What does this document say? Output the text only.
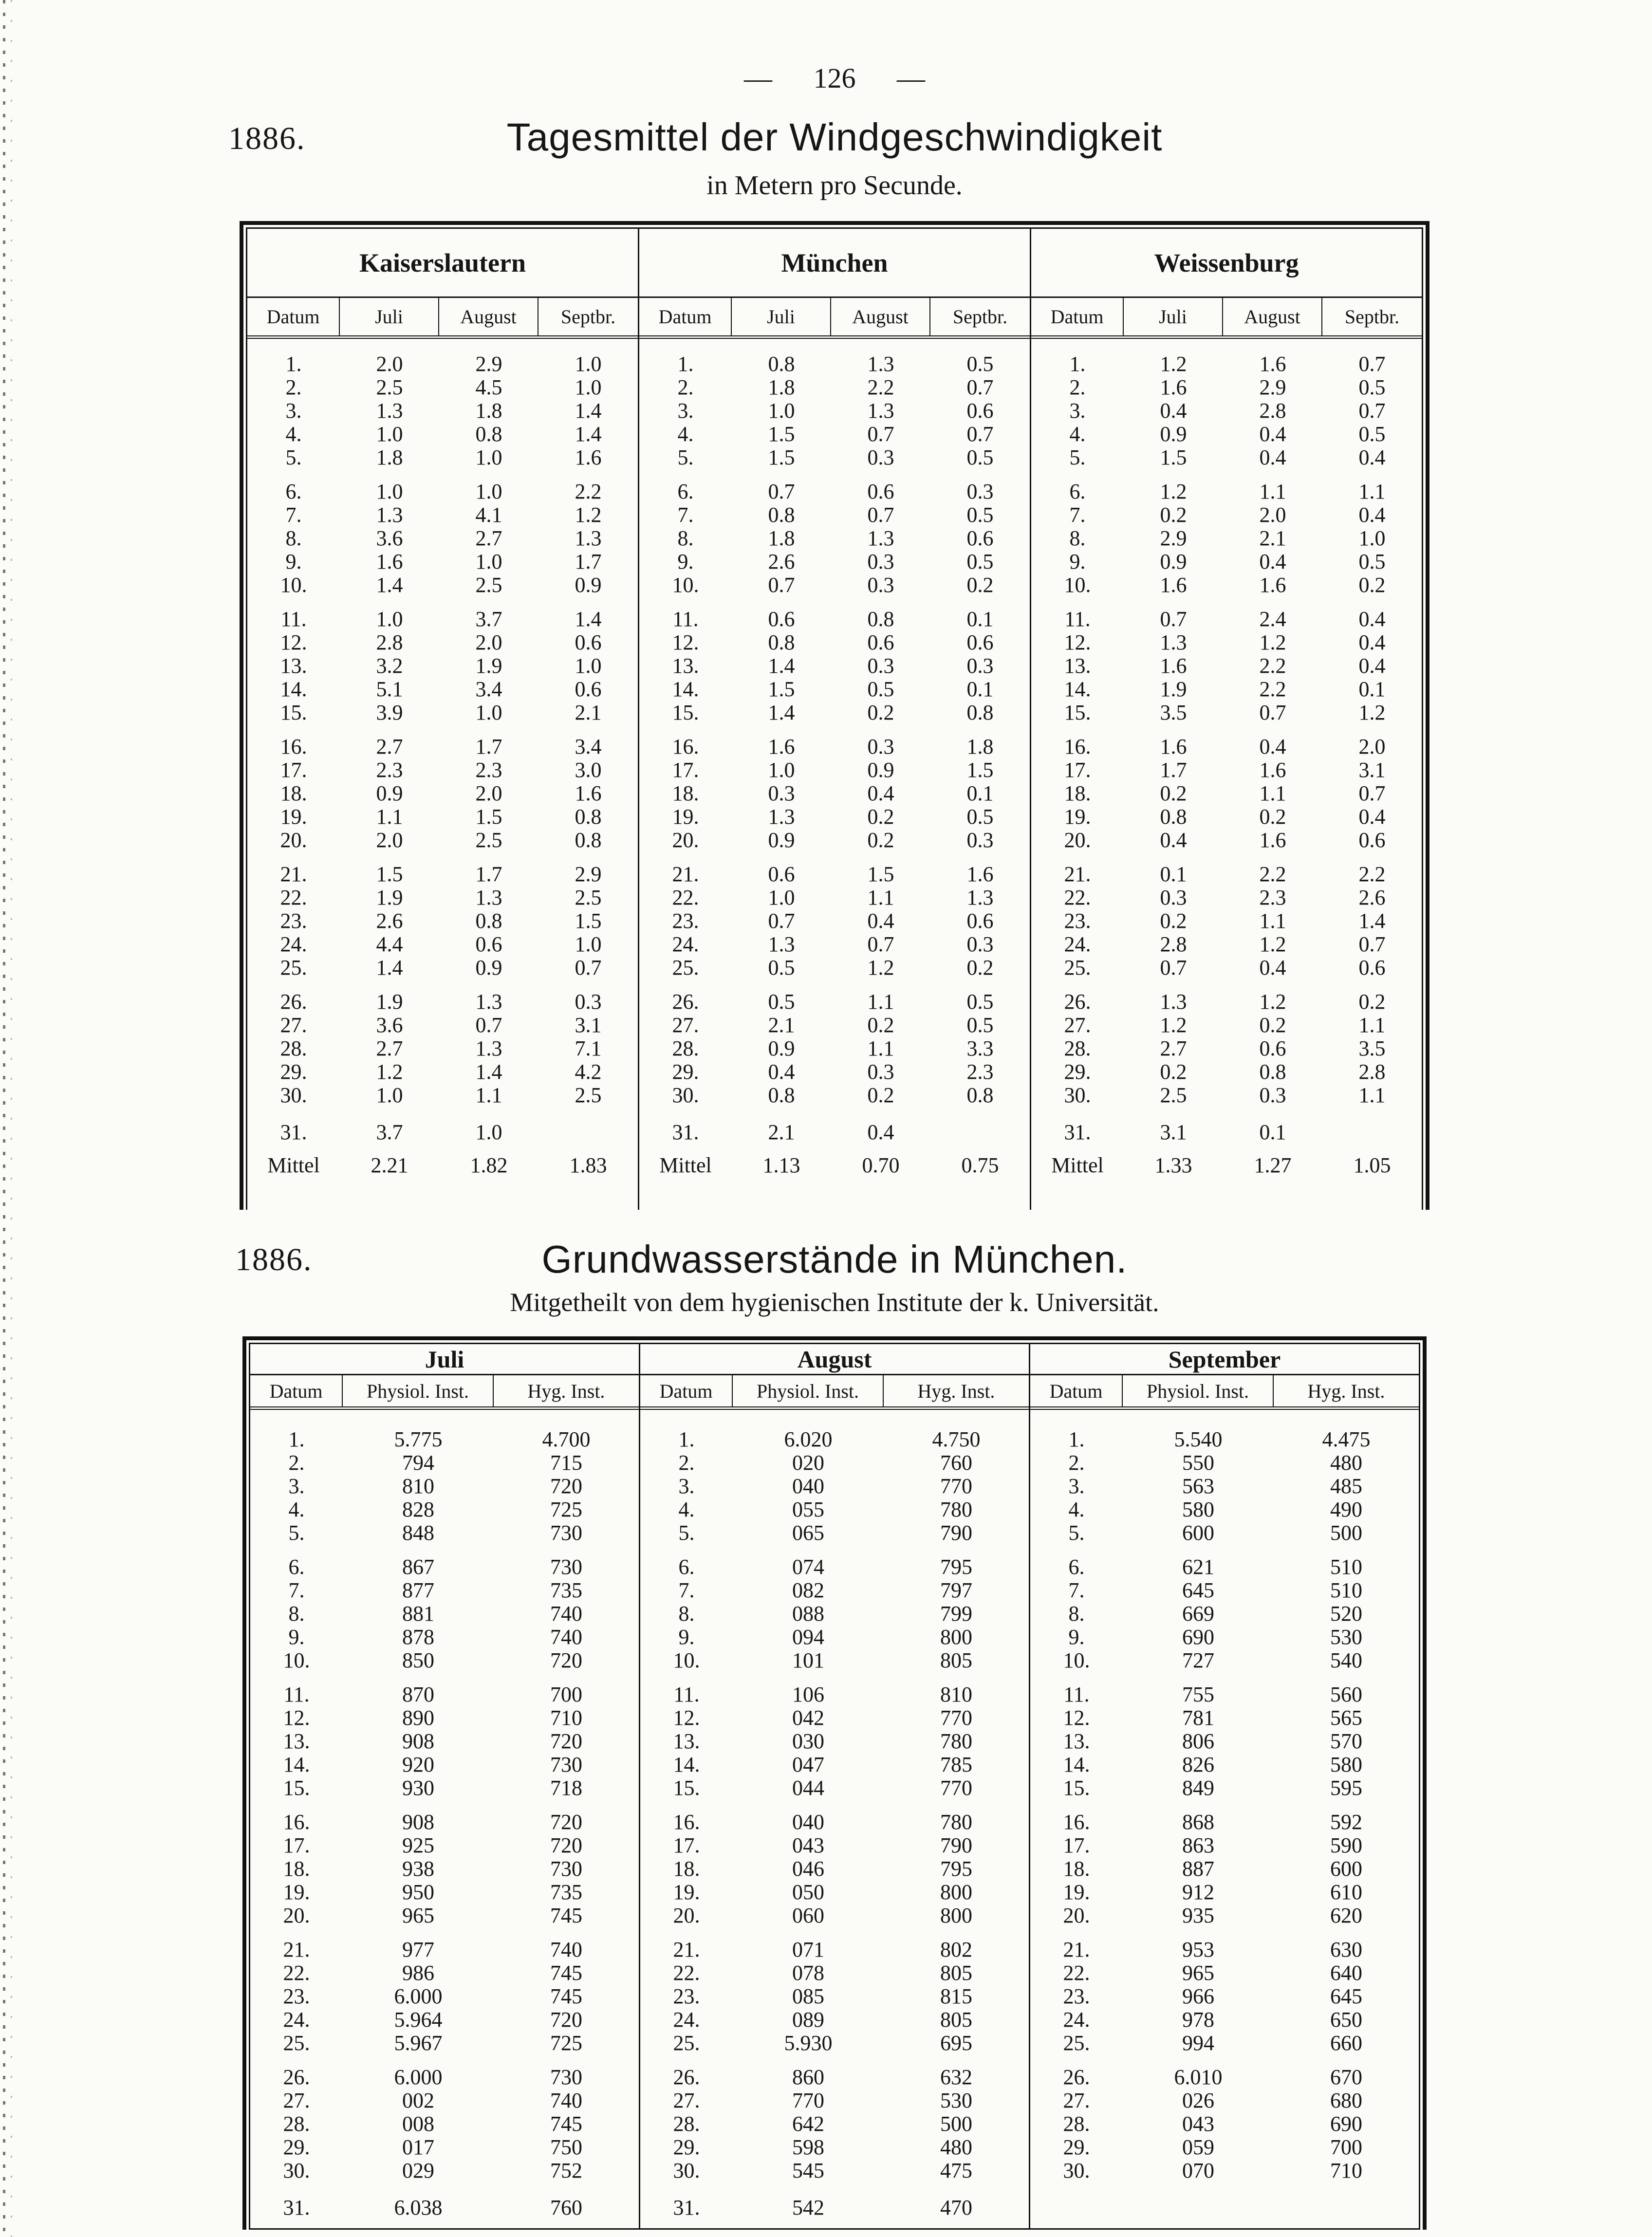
— 126 —
1886.	Tagesmittel der Windgeschwindigkeit
in Metern pro Secunde.
Kaiserslautern
Datum	Juli	August	Septbr.
1.	2.0	2.9	1.0
2.	2.5	4.5	1.0
3.	1.3	1.8	1.4
4.	1.0	0.8	1.4
5.	1.8	1.0	1.6
6.	1.0	1.0	2.2
7.	1.3	4.1	1.2
8.	3.6	2.7	1.3
9.	1.6	1.0	1.7
10.	1.4	2.5	0.9
11.	1.0	3.7	1.4
12.	2.8	2.0	0.6
13.	3.2	1.9	1.0
14.	5.1	3.4	0.6
15.	3.9	1.0	2.1
16.	2.7	1.7	3.4
17.	2.3	2.3	3.0
18.	0.9	2.0	1.6
19.	1.1	1.5	0.8
20.	2.0	2.5	0.8
21.	1.5	1.7	2.9
22.	1.9	1.3	2.5
23.	2.6	0.8	1.5
24.	4.4	0.6	1.0
25.	1.4	0.9	0.7
26.	1.9	1.3	0.3
27.	3.6	0.7	3.1
28.	2.7	1.3	7.1
29.	1.2	1.4	4.2
30.	1.0	1.1	2.5
31.	3.7	1.0
Mittel	2.21	1.82	1.83
München
Datum	Juli	August	Septbr.
1.	0.8	1.3	0.5
2.	1.8	2.2	0.7
3.	1.0	1.3	0.6
4.	1.5	0.7	0.7
5.	1.5	0.3	0.5
6.	0.7	0.6	0.3
7.	0.8	0.7	0.5
8.	1.8	1.3	0.6
9.	2.6	0.3	0.5
10.	0.7	0.3	0.2
11.	0.6	0.8	0.1
12.	0.8	0.6	0.6
13.	1.4	0.3	0.3
14.	1.5	0.5	0.1
15.	1.4	0.2	0.8
16.	1.6	0.3	1.8
17.	1.0	0.9	1.5
18.	0.3	0.4	0.1
19.	1.3	0.2	0.5
20.	0.9	0.2	0.3
21.	0.6	1.5	1.6
22.	1.0	1.1	1.3
23.	0.7	0.4	0.6
24.	1.3	0.7	0.3
25.	0.5	1.2	0.2
26.	0.5	1.1	0.5
27.	2.1	0.2	0.5
28.	0.9	1.1	3.3
29.	0.4	0.3	2.3
30.	0.8	0.2	0.8
31.	2.1	0.4
Mittel	1.13	0.70	0.75
Weissenburg
Datum	Juli	August	Septbr.
1.	1.2	1.6	0.7
2.	1.6	2.9	0.5
3.	0.4	2.8	0.7
4.	0.9	0.4	0.5
5.	1.5	0.4	0.4
6.	1.2	1.1	1.1
7.	0.2	2.0	0.4
8.	2.9	2.1	1.0
9.	0.9	0.4	0.5
10.	1.6	1.6	0.2
11.	0.7	2.4	0.4
12.	1.3	1.2	0.4
13.	1.6	2.2	0.4
14.	1.9	2.2	0.1
15.	3.5	0.7	1.2
16.	1.6	0.4	2.0
17.	1.7	1.6	3.1
18.	0.2	1.1	0.7
19.	0.8	0.2	0.4
20.	0.4	1.6	0.6
21.	0.1	2.2	2.2
22.	0.3	2.3	2.6
23.	0.2	1.1	1.4
24.	2.8	1.2	0.7
25.	0.7	0.4	0.6
26.	1.3	1.2	0.2
27.	1.2	0.2	1.1
28.	2.7	0.6	3.5
29.	0.2	0.8	2.8
30.	2.5	0.3	1.1
31.	3.1	0.1
Mittel	1.33	1.27	1.05
1886.	Grundwasserstände in München.
Mitgetheilt von dem hygienischen Institute der k. Universität.
Juli
Datum	Physiol. Inst.	Hyg. Inst.
1.	5.775	4.700
2.	794	715
3.	810	720
4.	828	725
5.	848	730
6.	867	730
7.	877	735
8.	881	740
9.	878	740
10.	850	720
11.	870	700
12.	890	710
13.	908	720
14.	920	730
15.	930	718
16.	908	720
17.	925	720
18.	938	730
19.	950	735
20.	965	745
21.	977	740
22.	986	745
23.	6.000	745
24.	5.964	720
25.	5.967	725
26.	6.000	730
27.	002	740
28.	008	745
29.	017	750
30.	029	752
31.	6.038	760
August
Datum	Physiol. Inst.	Hyg. Inst.
1.	6.020	4.750
2.	020	760
3.	040	770
4.	055	780
5.	065	790
6.	074	795
7.	082	797
8.	088	799
9.	094	800
10.	101	805
11.	106	810
12.	042	770
13.	030	780
14.	047	785
15.	044	770
16.	040	780
17.	043	790
18.	046	795
19.	050	800
20.	060	800
21.	071	802
22.	078	805
23.	085	815
24.	089	805
25.	5.930	695
26.	860	632
27.	770	530
28.	642	500
29.	598	480
30.	545	475
31.	542	470
September
Datum	Physiol. Inst.	Hyg. Inst.
1.	5.540	4.475
2.	550	480
3.	563	485
4.	580	490
5.	600	500
6.	621	510
7.	645	510
8.	669	520
9.	690	530
10.	727	540
11.	755	560
12.	781	565
13.	806	570
14.	826	580
15.	849	595
16.	868	592
17.	863	590
18.	887	600
19.	912	610
20.	935	620
21.	953	630
22.	965	640
23.	966	645
24.	978	650
25.	994	660
26.	6.010	670
27.	026	680
28.	043	690
29.	059	700
30.	070	710
